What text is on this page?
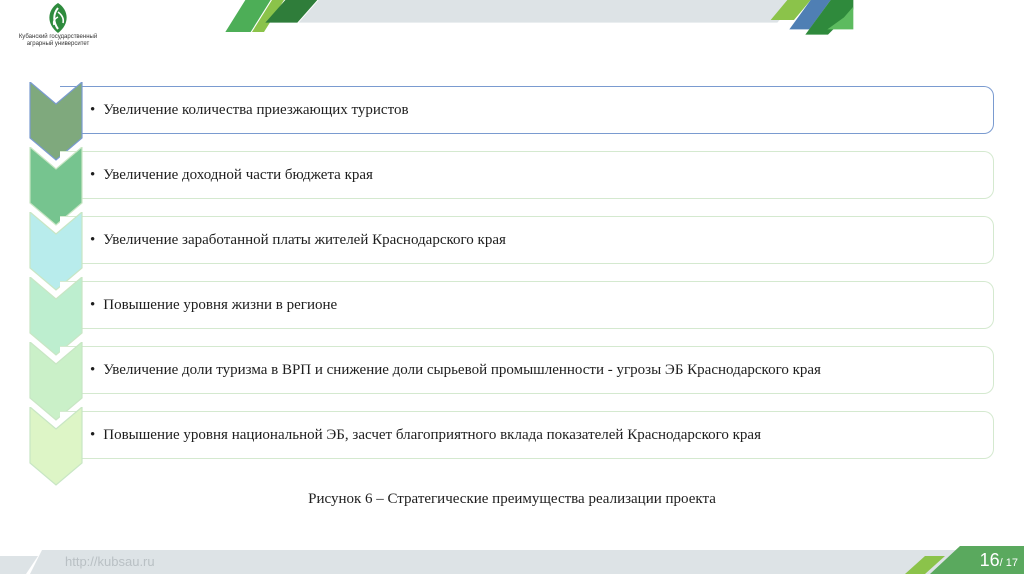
Кубанский государственный
аграрный университет
• Увеличение количества приезжающих туристов
• Увеличение доходной части бюджета края
• Увеличение заработанной платы жителей Краснодарского края
• Повышение уровня жизни в регионе
• Увеличение доли туризма в ВРП и снижение доли сырьевой промышленности - угрозы ЭБ Краснодарского края
• Повышение уровня национальной ЭБ, засчет благоприятного вклада показателей Краснодарского края
Рисунок 6 – Стратегические преимущества реализации проекта
http://kubsau.ru	16/ 17
